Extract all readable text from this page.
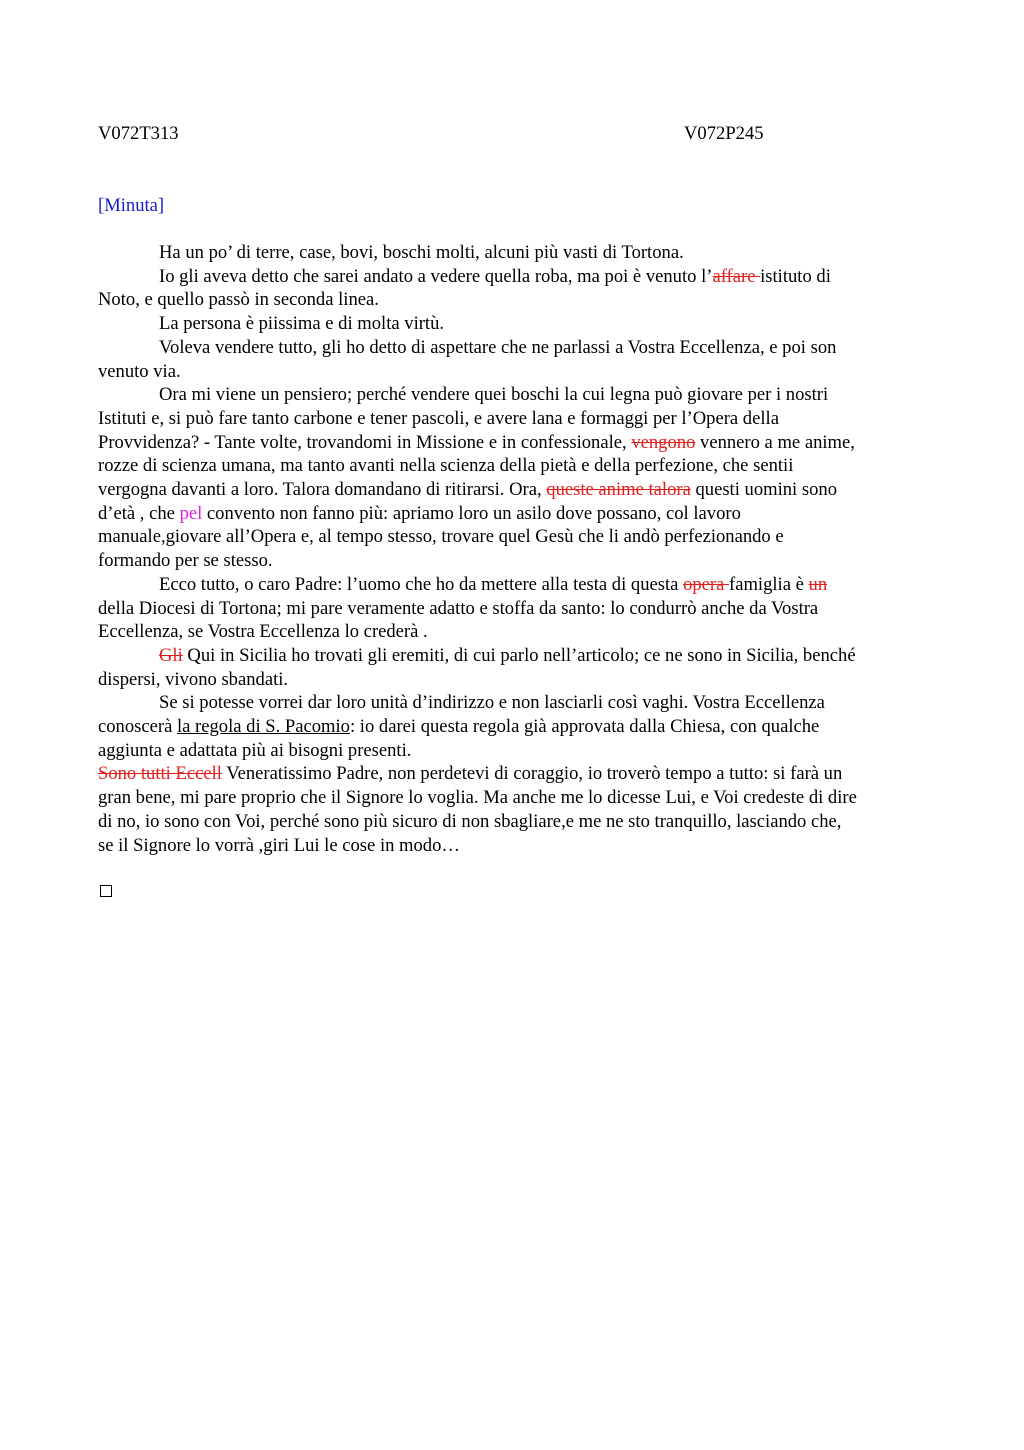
V072T313	V072P245
[Minuta]

Ha un po’ di terre, case, bovi, boschi molti, alcuni più vasti di Tortona.

Io gli aveva detto che sarei andato a vedere quella roba, ma poi è venuto l’affare istituto di Noto, e quello passò in seconda linea.

La persona è piissima e di molta virtù.

Voleva vendere tutto, gli ho detto di aspettare che ne parlassi a Vostra Eccellenza, e poi son venuto via.

Ora mi viene un pensiero; perché vendere quei boschi la cui legna può giovare per i nostri Istituti e, si può fare tanto carbone e tener pascoli, e avere lana e formaggi per l’Opera della Provvidenza? - Tante volte, trovandomi in Missione e in confessionale, vengono vennero a me anime, rozze di scienza umana, ma tanto avanti nella scienza della pietà e della perfezione, che sentii vergogna davanti a loro. Talora domandano di ritirarsi. Ora, queste anime talora questi uomini sono d’età , che pel convento non fanno più: apriamo loro un asilo dove possano, col lavoro manuale,giovare all’Opera e, al tempo stesso, trovare quel Gesù che li andò perfezionando e formando per se stesso.

Ecco tutto, o caro Padre: l’uomo che ho da mettere alla testa di questa opera famiglia è un della Diocesi di Tortona; mi pare veramente adatto e stoffa da santo: lo condurrò anche da Vostra Eccellenza, se Vostra Eccellenza lo crederà .

Gli Qui in Sicilia ho trovati gli eremiti, di cui parlo nell’articolo; ce ne sono in Sicilia, benché dispersi, vivono sbandati.

Se si potesse vorrei dar loro unità d’indirizzo e non lasciarli così vaghi. Vostra Eccellenza conoscerà la regola di S. Pacomio: io darei questa regola già approvata dalla Chiesa, con qualche aggiunta e adattata più ai bisogni presenti.

Sono tutti Eccell Veneratissimo Padre, non perdetevi di coraggio, io troverò tempo a tutto: si farà un gran bene, mi pare proprio che il Signore lo voglia. Ma anche me lo dicesse Lui, e Voi credeste di dire di no, io sono con Voi, perché sono più sicuro di non sbagliare,e me ne sto tranquillo, lasciando che, se il Signore lo vorrà ,giri Lui le cose in modo…
